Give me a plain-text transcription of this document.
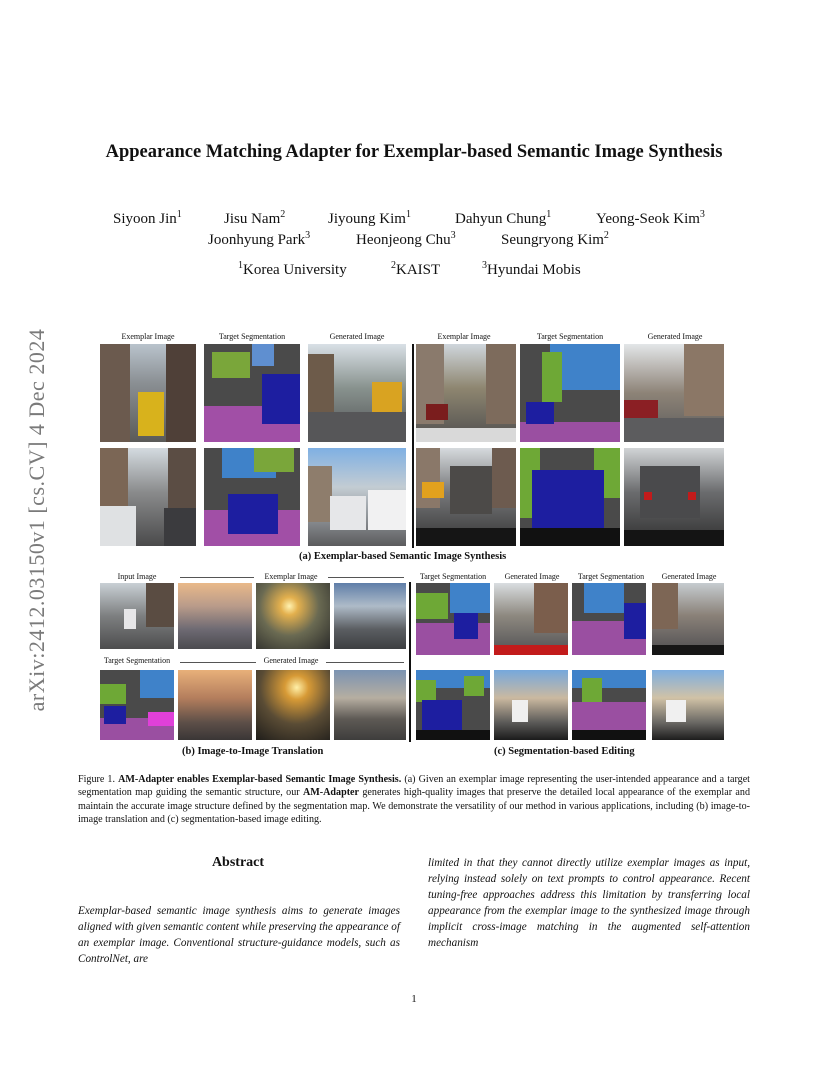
arXiv:2412.03150v1 [cs.CV] 4 Dec 2024
Appearance Matching Adapter for Exemplar-based Semantic Image Synthesis
Siyoon Jin$^1$	Jisu Nam$^2$	Jiyoung Kim$^1$	Dahyun Chung$^1$	Yeong-Seok Kim$^3$
Joonhyung Park$^3$	Heonjeong Chu$^3$	Seungryong Kim$^2$
$^1$Korea University	$^2$KAIST	$^3$Hyundai Mobis
Exemplar Image	Target Segmentation	Generated Image	Exemplar Image	Target Segmentation	Generated Image
(a) Exemplar-based Semantic Image Synthesis
Input Image	Exemplar Image
Target Segmentation	Generated Image
Target Segmentation	Generated Image	Target Segmentation	Generated Image
(b) Image-to-Image Translation	(c) Segmentation-based Editing
Figure 1. AM-Adapter enables Exemplar-based Semantic Image Synthesis. (a) Given an exemplar image representing the user-intended appearance and a target segmentation map guiding the semantic structure, our AM-Adapter generates high-quality images that preserve the detailed local appearance of the exemplar and maintain the accurate image structure defined by the segmentation map. We demonstrate the versatility of our method in various applications, including (b) image-to-image translation and (c) segmentation-based image editing.
Abstract
Exemplar-based semantic image synthesis aims to generate images aligned with given semantic content while preserving the appearance of an exemplar image. Conventional structure-guidance models, such as ControlNet, are
limited in that they cannot directly utilize exemplar images as input, relying instead solely on text prompts to control appearance. Recent tuning-free approaches address this limitation by transferring local appearance from the exemplar image to the synthesized image through implicit cross-image matching in the augmented self-attention mechanism
1
